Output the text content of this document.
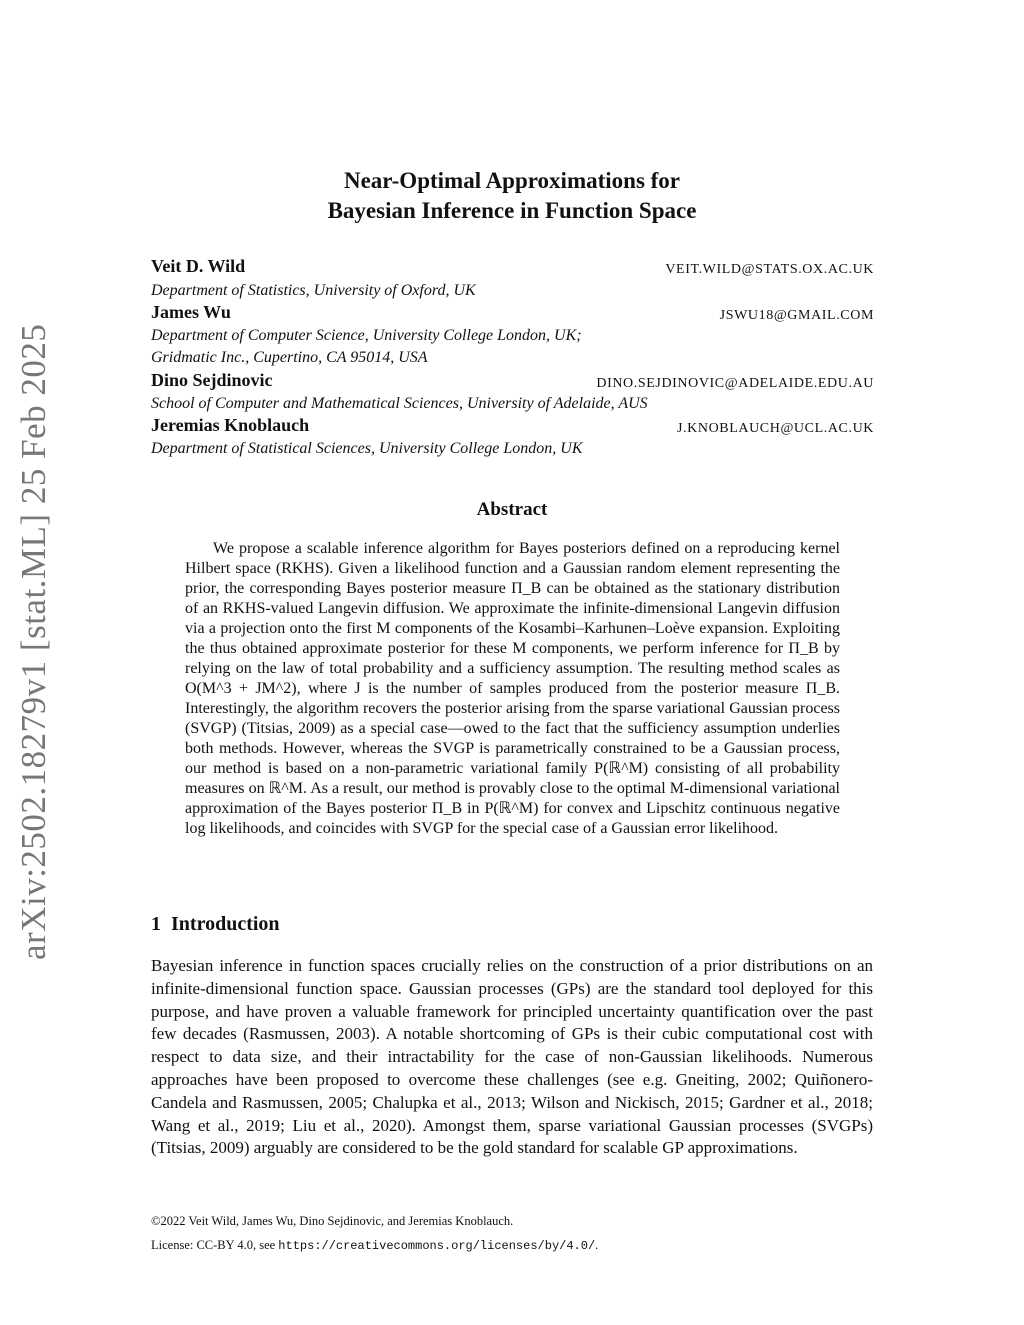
arXiv:2502.18279v1 [stat.ML] 25 Feb 2025
Near-Optimal Approximations for
Bayesian Inference in Function Space
Veit D. Wild	VEIT.WILD@STATS.OX.AC.UK
Department of Statistics, University of Oxford, UK
James Wu	JSWU18@GMAIL.COM
Department of Computer Science, University College London, UK;
Gridmatic Inc., Cupertino, CA 95014, USA
Dino Sejdinovic	DINO.SEJDINOVIC@ADELAIDE.EDU.AU
School of Computer and Mathematical Sciences, University of Adelaide, AUS
Jeremias Knoblauch	J.KNOBLAUCH@UCL.AC.UK
Department of Statistical Sciences, University College London, UK
Abstract

We propose a scalable inference algorithm for Bayes posteriors defined on a reproducing kernel Hilbert space (RKHS). Given a likelihood function and a Gaussian random element representing the prior, the corresponding Bayes posterior measure Π_B can be obtained as the stationary distribution of an RKHS-valued Langevin diffusion. We approximate the infinite-dimensional Langevin diffusion via a projection onto the first M components of the Kosambi–Karhunen–Loève expansion. Exploiting the thus obtained approximate posterior for these M components, we perform inference for Π_B by relying on the law of total probability and a sufficiency assumption. The resulting method scales as O(M^3 + JM^2), where J is the number of samples produced from the posterior measure Π_B. Interestingly, the algorithm recovers the posterior arising from the sparse variational Gaussian process (SVGP) (Titsias, 2009) as a special case—owed to the fact that the sufficiency assumption underlies both methods. However, whereas the SVGP is parametrically constrained to be a Gaussian process, our method is based on a non-parametric variational family P(ℝ^M) consisting of all probability measures on ℝ^M. As a result, our method is provably close to the optimal M-dimensional variational approximation of the Bayes posterior Π_B in P(ℝ^M) for convex and Lipschitz continuous negative log likelihoods, and coincides with SVGP for the special case of a Gaussian error likelihood.

1 Introduction

Bayesian inference in function spaces crucially relies on the construction of a prior distributions on an infinite-dimensional function space. Gaussian processes (GPs) are the standard tool deployed for this purpose, and have proven a valuable framework for principled uncertainty quantification over the past few decades (Rasmussen, 2003). A notable shortcoming of GPs is their cubic computational cost with respect to data size, and their intractability for the case of non-Gaussian likelihoods. Numerous approaches have been proposed to overcome these challenges (see e.g. Gneiting, 2002; Quiñonero-Candela and Rasmussen, 2005; Chalupka et al., 2013; Wilson and Nickisch, 2015; Gardner et al., 2018; Wang et al., 2019; Liu et al., 2020). Amongst them, sparse variational Gaussian processes (SVGPs) (Titsias, 2009) arguably are considered to be the gold standard for scalable GP approximations.

©2022 Veit Wild, James Wu, Dino Sejdinovic, and Jeremias Knoblauch.
License: CC-BY 4.0, see https://creativecommons.org/licenses/by/4.0/.
